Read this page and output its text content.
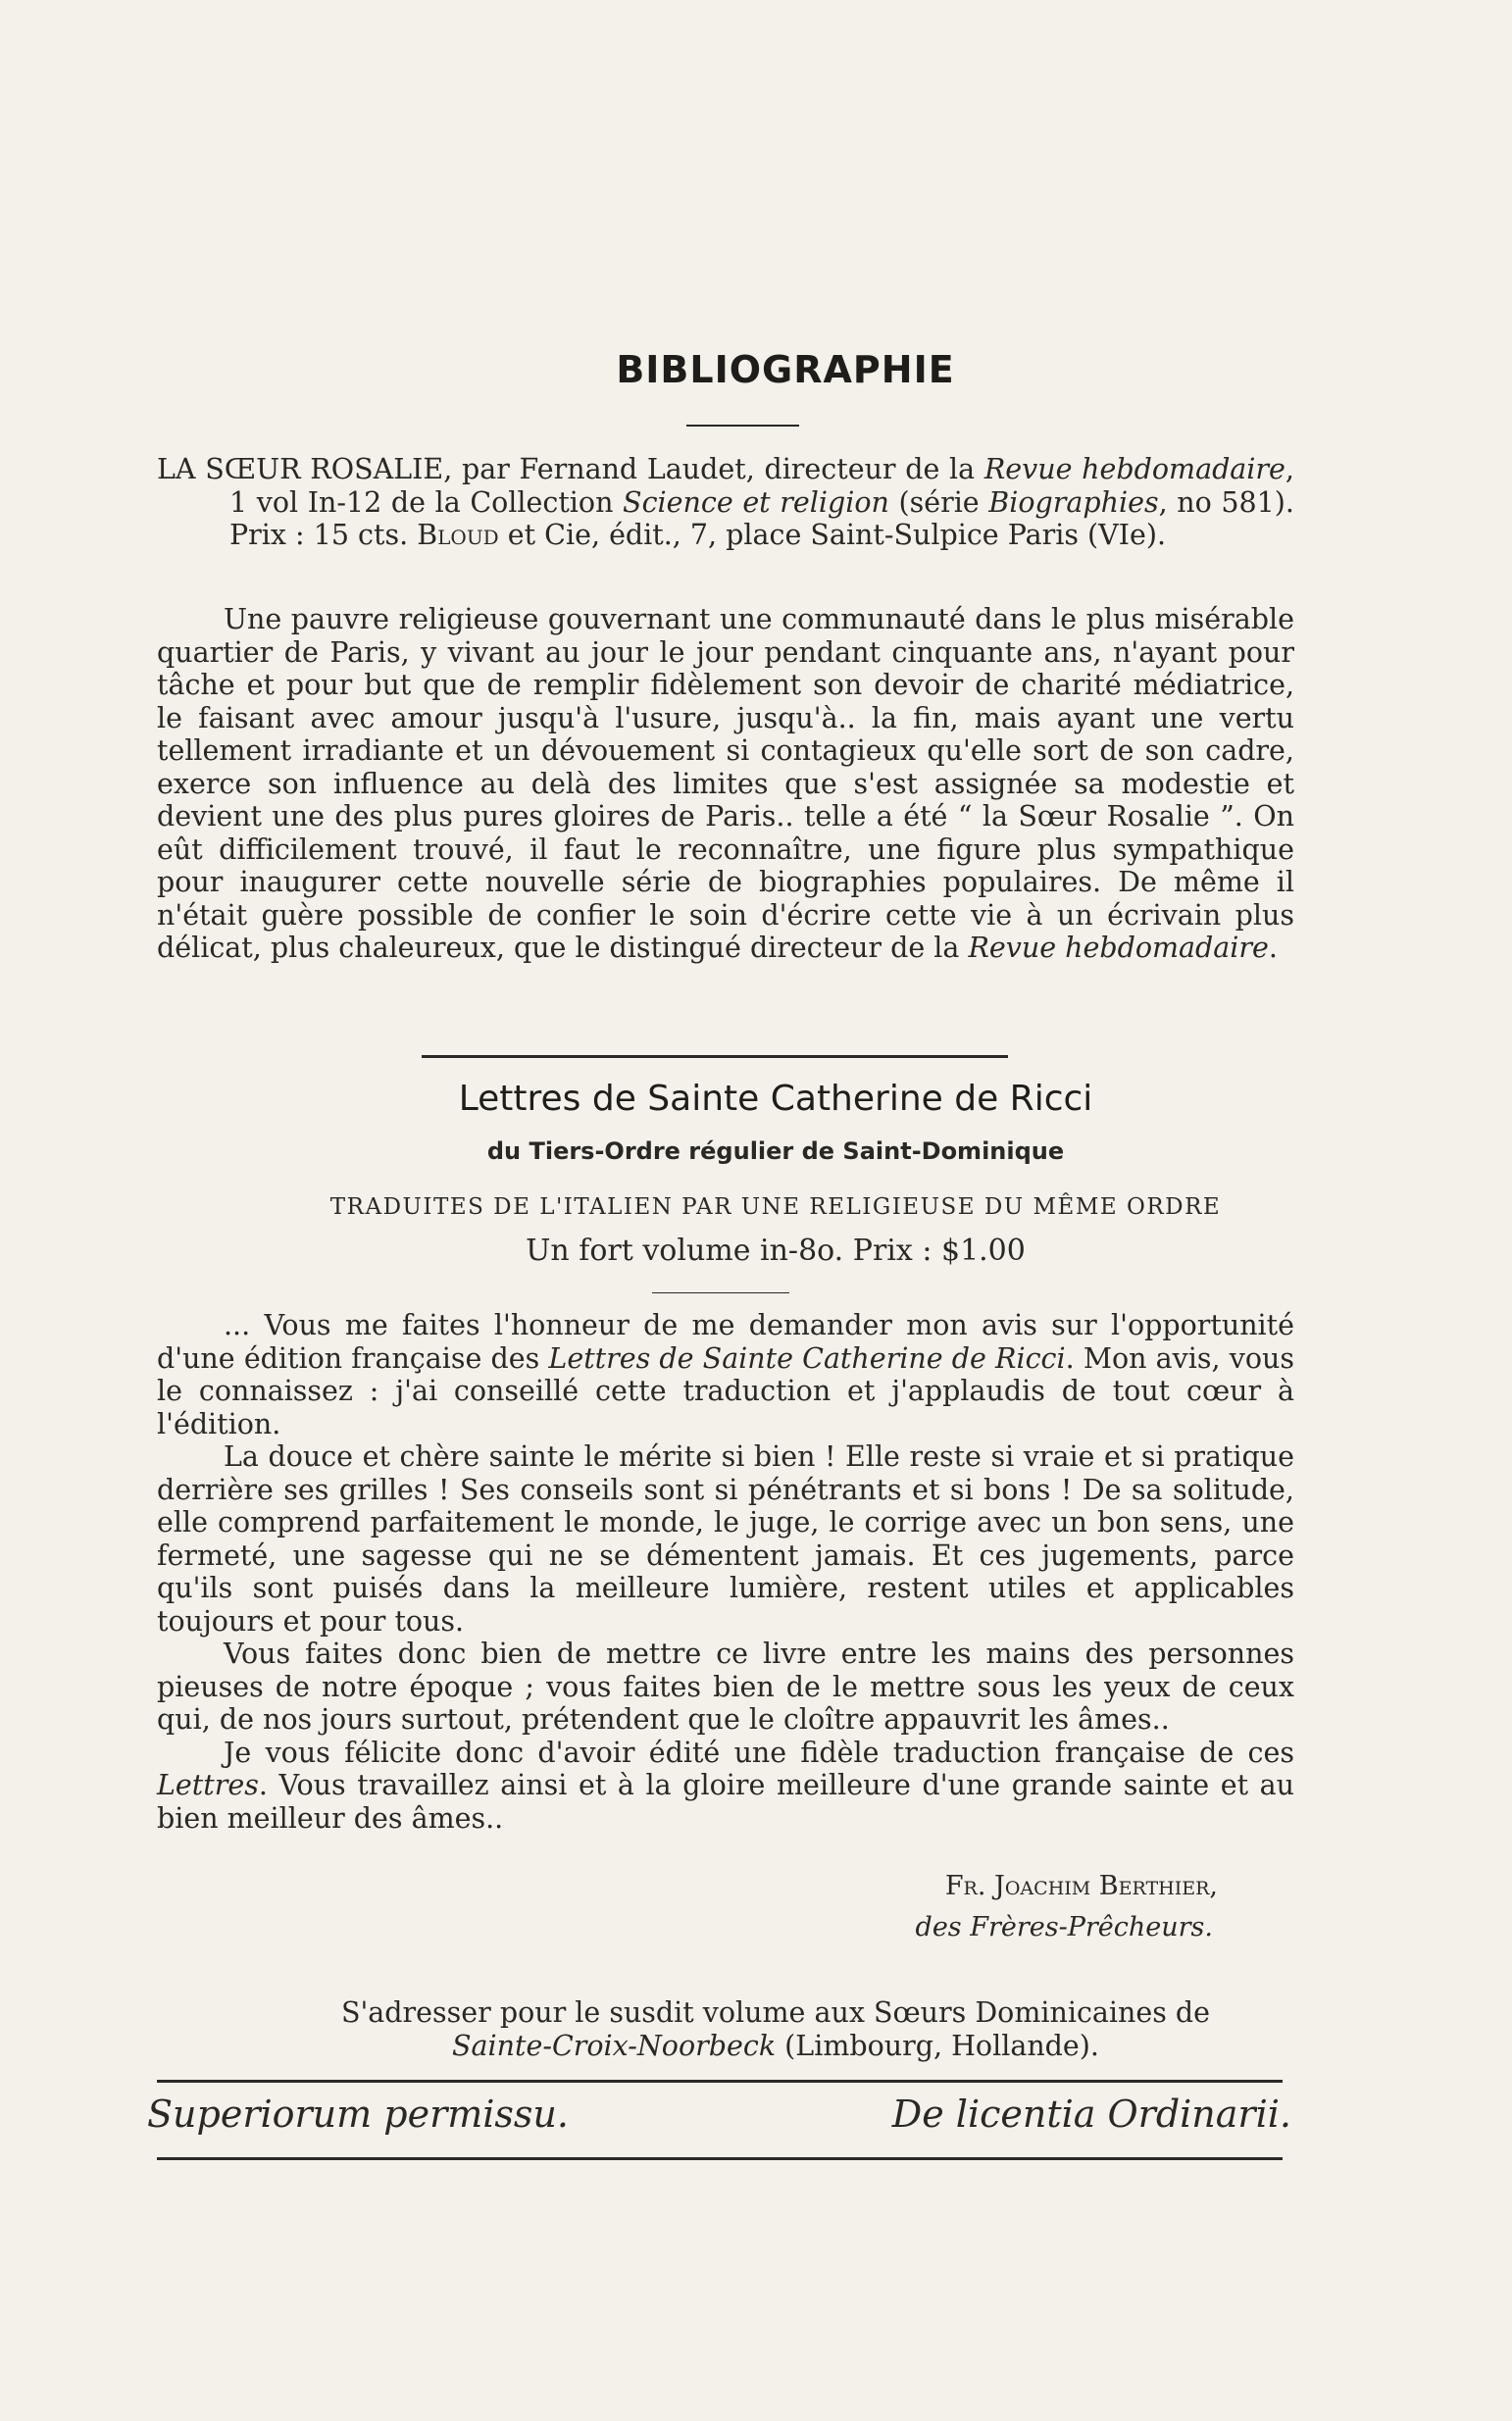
BIBLIOGRAPHIE

LA SŒUR ROSALIE, par Fernand Laudet, directeur de la Revue hebdomadaire, 1 vol In-12 de la Collection Science et religion (série Biographies, no 581). Prix : 15 cts. Bloud et Cie, édit., 7, place Saint-Sulpice Paris (VIe).

Une pauvre religieuse gouvernant une communauté dans le plus misérable quartier de Paris, y vivant au jour le jour pendant cinquante ans, n'ayant pour tâche et pour but que de remplir fidèlement son devoir de charité médiatrice, le faisant avec amour jusqu'à l'usure, jusqu'à.. la fin, mais ayant une vertu tellement irradiante et un dévouement si contagieux qu'elle sort de son cadre, exerce son influence au delà des limites que s'est assignée sa modestie et devient une des plus pures gloires de Paris.. telle a été “ la Sœur Rosalie ”. On eût difficilement trouvé, il faut le reconnaître, une figure plus sympathique pour inaugurer cette nouvelle série de biographies populaires. De même il n'était guère possible de confier le soin d'écrire cette vie à un écrivain plus délicat, plus chaleureux, que le distingué directeur de la Revue hebdomadaire.

Lettres de Sainte Catherine de Ricci
du Tiers-Ordre régulier de Saint-Dominique
TRADUITES DE L'ITALIEN PAR UNE RELIGIEUSE DU MÊME ORDRE
Un fort volume in-8o. Prix : $1.00

... Vous me faites l'honneur de me demander mon avis sur l'opportunité d'une édition française des Lettres de Sainte Catherine de Ricci. Mon avis, vous le connaissez : j'ai conseillé cette traduction et j'applaudis de tout cœur à l'édition.

La douce et chère sainte le mérite si bien ! Elle reste si vraie et si pratique derrière ses grilles ! Ses conseils sont si pénétrants et si bons ! De sa solitude, elle comprend parfaitement le monde, le juge, le corrige avec un bon sens, une fermeté, une sagesse qui ne se démentent jamais. Et ces jugements, parce qu'ils sont puisés dans la meilleure lumière, restent utiles et applicables toujours et pour tous.

Vous faites donc bien de mettre ce livre entre les mains des personnes pieuses de notre époque ; vous faites bien de le mettre sous les yeux de ceux qui, de nos jours surtout, prétendent que le cloître appauvrit les âmes..

Je vous félicite donc d'avoir édité une fidèle traduction française de ces Lettres. Vous travaillez ainsi et à la gloire meilleure d'une grande sainte et au bien meilleur des âmes..

Fr. Joachim Berthier,
des Frères-Prêcheurs.
S'adresser pour le susdit volume aux Sœurs Dominicaines de
Sainte-Croix-Noorbeck (Limbourg, Hollande).
Superiorum permissu.	De licentia Ordinarii.
